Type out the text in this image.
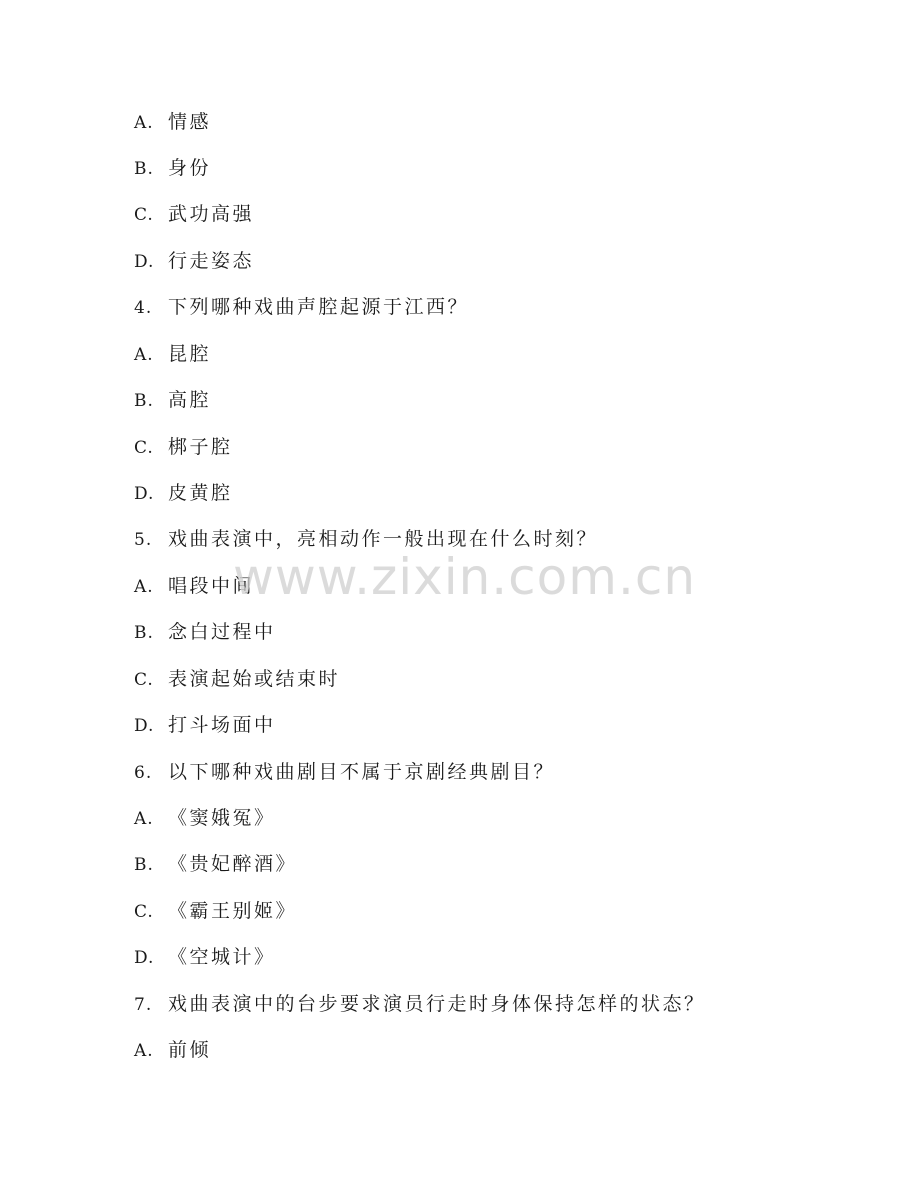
A. 情感
B. 身份
C. 武功高强
D. 行走姿态
4. 下列哪种戏曲声腔起源于江西？
A. 昆腔
B. 高腔
C. 梆子腔
D. 皮黄腔
5. 戏曲表演中，亮相动作一般出现在什么时刻？
A. 唱段中间
B. 念白过程中
C. 表演起始或结束时
D. 打斗场面中
6. 以下哪种戏曲剧目不属于京剧经典剧目？
A. 《窦娥冤》
B. 《贵妃醉酒》
C. 《霸王别姬》
D. 《空城计》
7. 戏曲表演中的台步要求演员行走时身体保持怎样的状态？
A. 前倾
www.zixin.com.cn
